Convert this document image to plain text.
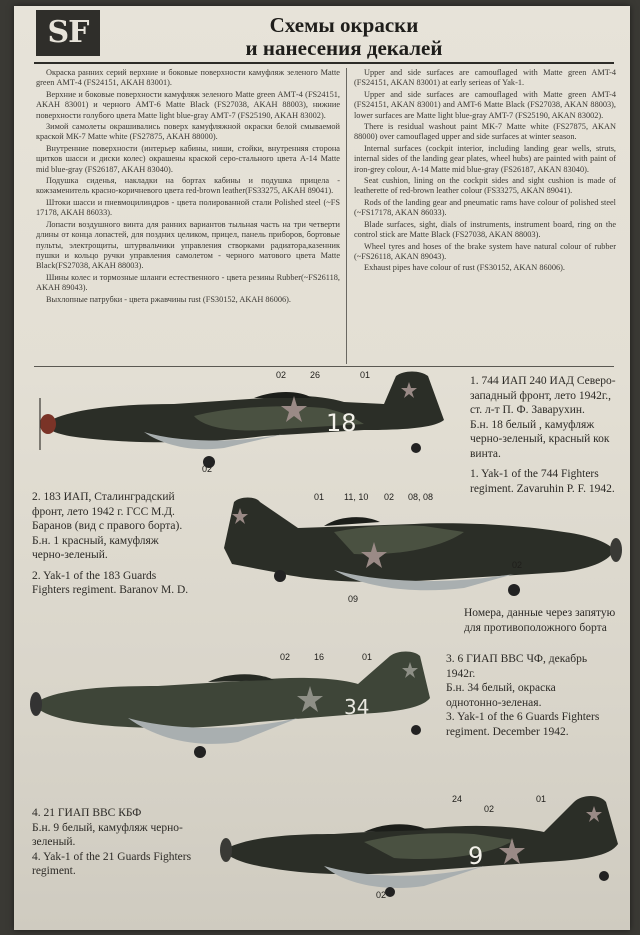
SF	Схемы окраски
и нанесения декалей

Окраска ранних серий верхние и боковые поверхности камуфляж зеленого Matte green АМТ-4 (FS24151, AKAH 83001).

Верхние и боковые поверхности камуфляж зеленого Matte green АМТ-4 (FS24151, AKAH 83001) и черного АМТ-6 Matte Black (FS27038, AKAH 88003), нижние поверхности голубого цвета Matte light blue-gray АМТ-7 (FS25190, AKAH 83002).

Зимой самолеты окрашивались поверх камуфляжной окраски белой смываемой краской МК-7 Matte white (FS27875, AKAH 88000).

Внутренние поверхности (интерьер кабины, ниши, стойки, внутренняя сторона щитков шасси и диски колес) окрашены краской серо-стального цвета А-14 Matte mid blue-gray (FS26187, AKAH 83040).

Подушка сиденья, накладки на бортах кабины и подушка прицела - кожзаменитель красно-коричневого цвета red-brown leather(FS33275, AKAH 89041).

Штоки шасси и пневмоцилиндров - цвета полированной стали Polished steel (~FS 17178, AKAH 86033).

Лопасти воздушного винта для ранних вариантов тыльная часть на три четверти длины от конца лопастей, для поздних целиком, прицел, панель приборов, бортовые пульты, электрощиты, штурвальчики управления створками радиатора,казенник пушки и кольцо ручки управления самолетом - черного матового цвета Matte Black(FS27038, AKAH 88003).

Шины колес и тормозные шланги естественного - цвета резины Rubber(~FS26118, AKAH 89043).

Выхлопные патрубки - цвета ржавчины rust (FS30152, AKAH 86006).

Upper and side surfaces are camouflaged with Matte green AMT-4 (FS24151, AKAN 83001) at early serieas of Yak-1.

Upper and side surfaces are camouflaged with Matte green AMT-4 (FS24151, AKAN 83001) and AMT-6 Matte Black (FS27038, AKAN 88003), lower surfaces are Matte light blue-gray AMT-7 (FS25190, AKAN 83002).

There is residual washout paint MK-7 Matte white (FS27875, AKAN 88000) over camouflaged upper and side surfaces at winter season.

Internal surfaces (cockpit interior, including landing gear wells, struts, internal sides of the landing gear plates, wheel hubs) are painted with paint of iron-grey colour, A-14 Matte mid blue-gray (FS26187, AKAN 83040).

Seat cushion, lining on the cockpit sides and sight cushion is made of leatherette of red-brown leather colour (FS33275, AKAN 89041).

Rods of the landing gear and pneumatic rams have colour of polished steel (~FS17178, AKAN 86033).

Blade surfaces, sight, dials of instruments, instrument board, ring on the control stick are Matte Black (FS27038, AKAN 88003).

Wheel tyres and hoses of the brake system have natural colour of rubber (~FS26118, AKAN 89043).

Exhaust pipes have colour of rust (FS30152, AKAN 86006).

18
02	26	01
02
1. 744 ИАП 240 ИАД Северо-
западный фронт, лето 1942г.,
ст. л-т П. Ф. Заварухин.
Б.н. 18 белый , камуфляж
черно-зеленый, красный кок
винта.
1. Yak-1 of the 744 Fighters
regiment. Zavaruhin P. F. 1942.
01 11, 10 02 08, 08
02
09
2. 183 ИАП, Сталинградский
фронт, лето 1942 г. ГСС М.Д.
Баранов (вид с правого борта).
Б.н. 1 красный, камуфляж
черно-зеленый.
2. Yak-1 of the 183 Guards
Fighters regiment. Baranov M. D.
Номера, данные через запятую
для противоположного борта
34
02	16	01	3. 6 ГИАП ВВС ЧФ, декабрь
1942г.
Б.н. 34 белый, окраска
однотонно-зеленая.
3. Yak-1 of the 6 Guards Fighters
regiment. December 1942.
9
24
02
01
02
4. 21 ГИАП ВВС КБФ
Б.н. 9 белый, камуфляж черно-
зеленый.
4. Yak-1 of the 21 Guards Fighters
regiment.
